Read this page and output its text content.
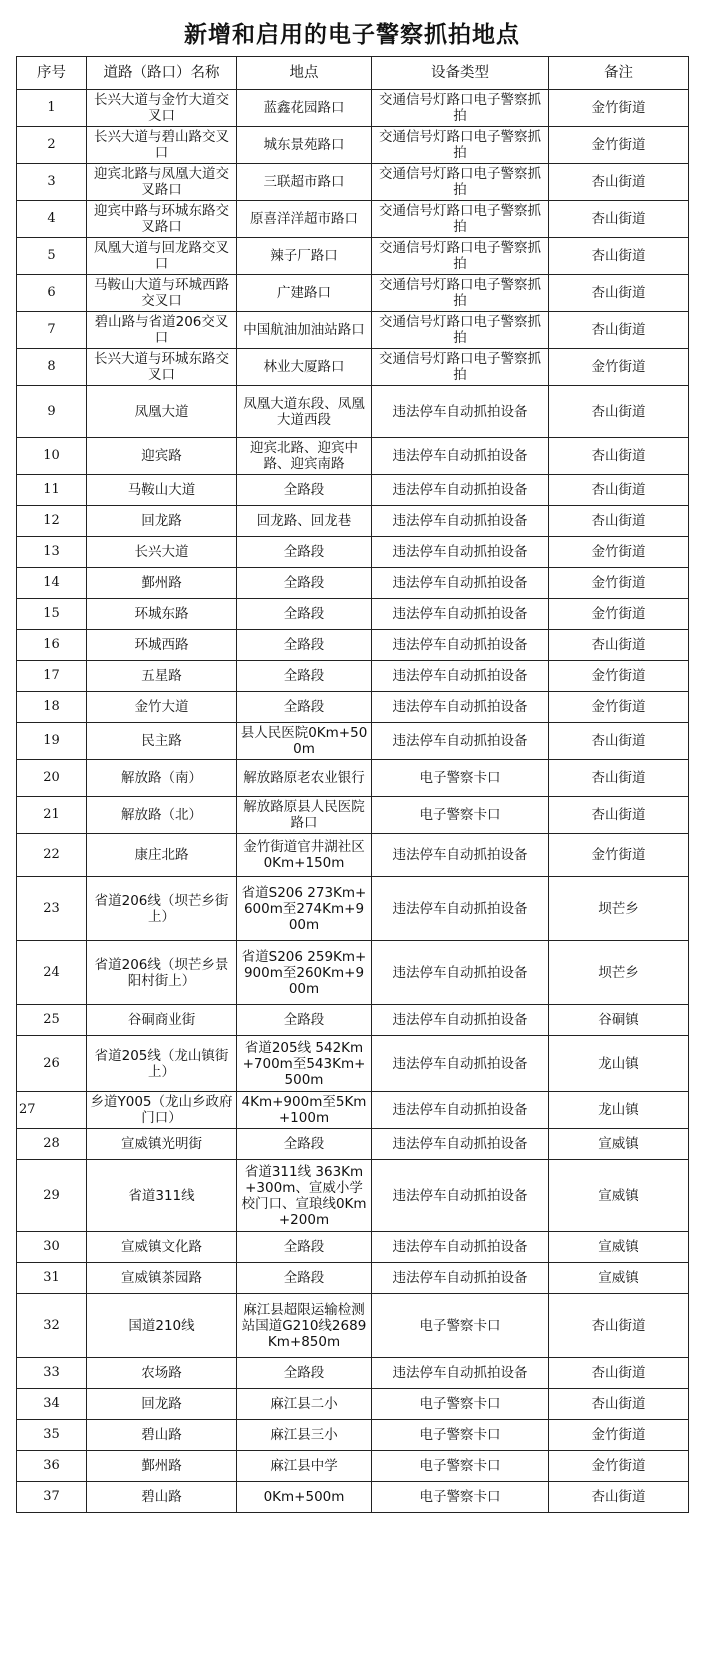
新增和启用的电子警察抓拍地点
序号	道路（路口）名称	地点	设备类型	备注
1	长兴大道与金竹大道交叉口	蓝鑫花园路口	交通信号灯路口电子警察抓拍	金竹街道
2	长兴大道与碧山路交叉口	城东景苑路口	交通信号灯路口电子警察抓拍	金竹街道
3	迎宾北路与凤凰大道交叉路口	三联超市路口	交通信号灯路口电子警察抓拍	杏山街道
4	迎宾中路与环城东路交叉路口	原喜洋洋超市路口	交通信号灯路口电子警察抓拍	杏山街道
5	凤凰大道与回龙路交叉口	辣子厂路口	交通信号灯路口电子警察抓拍	杏山街道
6	马鞍山大道与环城西路交叉口	广建路口	交通信号灯路口电子警察抓拍	杏山街道
7	碧山路与省道206交叉口	中国航油加油站路口	交通信号灯路口电子警察抓拍	杏山街道
8	长兴大道与环城东路交叉口	林业大厦路口	交通信号灯路口电子警察抓拍	金竹街道
9	凤凰大道	凤凰大道东段、凤凰大道西段	违法停车自动抓拍设备	杏山街道
10	迎宾路	迎宾北路、迎宾中路、迎宾南路	违法停车自动抓拍设备	杏山街道
11	马鞍山大道	全路段	违法停车自动抓拍设备	杏山街道
12	回龙路	回龙路、回龙巷	违法停车自动抓拍设备	杏山街道
13	长兴大道	全路段	违法停车自动抓拍设备	金竹街道
14	鄞州路	全路段	违法停车自动抓拍设备	金竹街道
15	环城东路	全路段	违法停车自动抓拍设备	金竹街道
16	环城西路	全路段	违法停车自动抓拍设备	杏山街道
17	五星路	全路段	违法停车自动抓拍设备	金竹街道
18	金竹大道	全路段	违法停车自动抓拍设备	金竹街道
19	民主路	县人民医院0Km+500m	违法停车自动抓拍设备	杏山街道
20	解放路（南）	解放路原老农业银行	电子警察卡口	杏山街道
21	解放路（北）	解放路原县人民医院路口	电子警察卡口	杏山街道
22	康庄北路	金竹街道官井湖社区0Km+150m	违法停车自动抓拍设备	金竹街道
23	省道206线（坝芒乡街上）	省道S206 273Km+600m至274Km+900m	违法停车自动抓拍设备	坝芒乡
24	省道206线（坝芒乡景阳村街上）	省道S206 259Km+900m至260Km+900m	违法停车自动抓拍设备	坝芒乡
25	谷硐商业街	全路段	违法停车自动抓拍设备	谷硐镇
26	省道205线（龙山镇街上）	省道205线 542Km+700m至543Km+500m	违法停车自动抓拍设备	龙山镇
27	乡道Y005（龙山乡政府门口）	4Km+900m至5Km+100m	违法停车自动抓拍设备	龙山镇
28	宣威镇光明街	全路段	违法停车自动抓拍设备	宣威镇
29	省道311线	省道311线 363Km+300m、宣威小学校门口、宣琅线0Km+200m	违法停车自动抓拍设备	宣威镇
30	宣威镇文化路	全路段	违法停车自动抓拍设备	宣威镇
31	宣威镇茶园路	全路段	违法停车自动抓拍设备	宣威镇
32	国道210线	麻江县超限运输检测站国道G210线2689Km+850m	电子警察卡口	杏山街道
33	农场路	全路段	违法停车自动抓拍设备	杏山街道
34	回龙路	麻江县二小	电子警察卡口	杏山街道
35	碧山路	麻江县三小	电子警察卡口	金竹街道
36	鄞州路	麻江县中学	电子警察卡口	金竹街道
37	碧山路	0Km+500m	电子警察卡口	杏山街道
